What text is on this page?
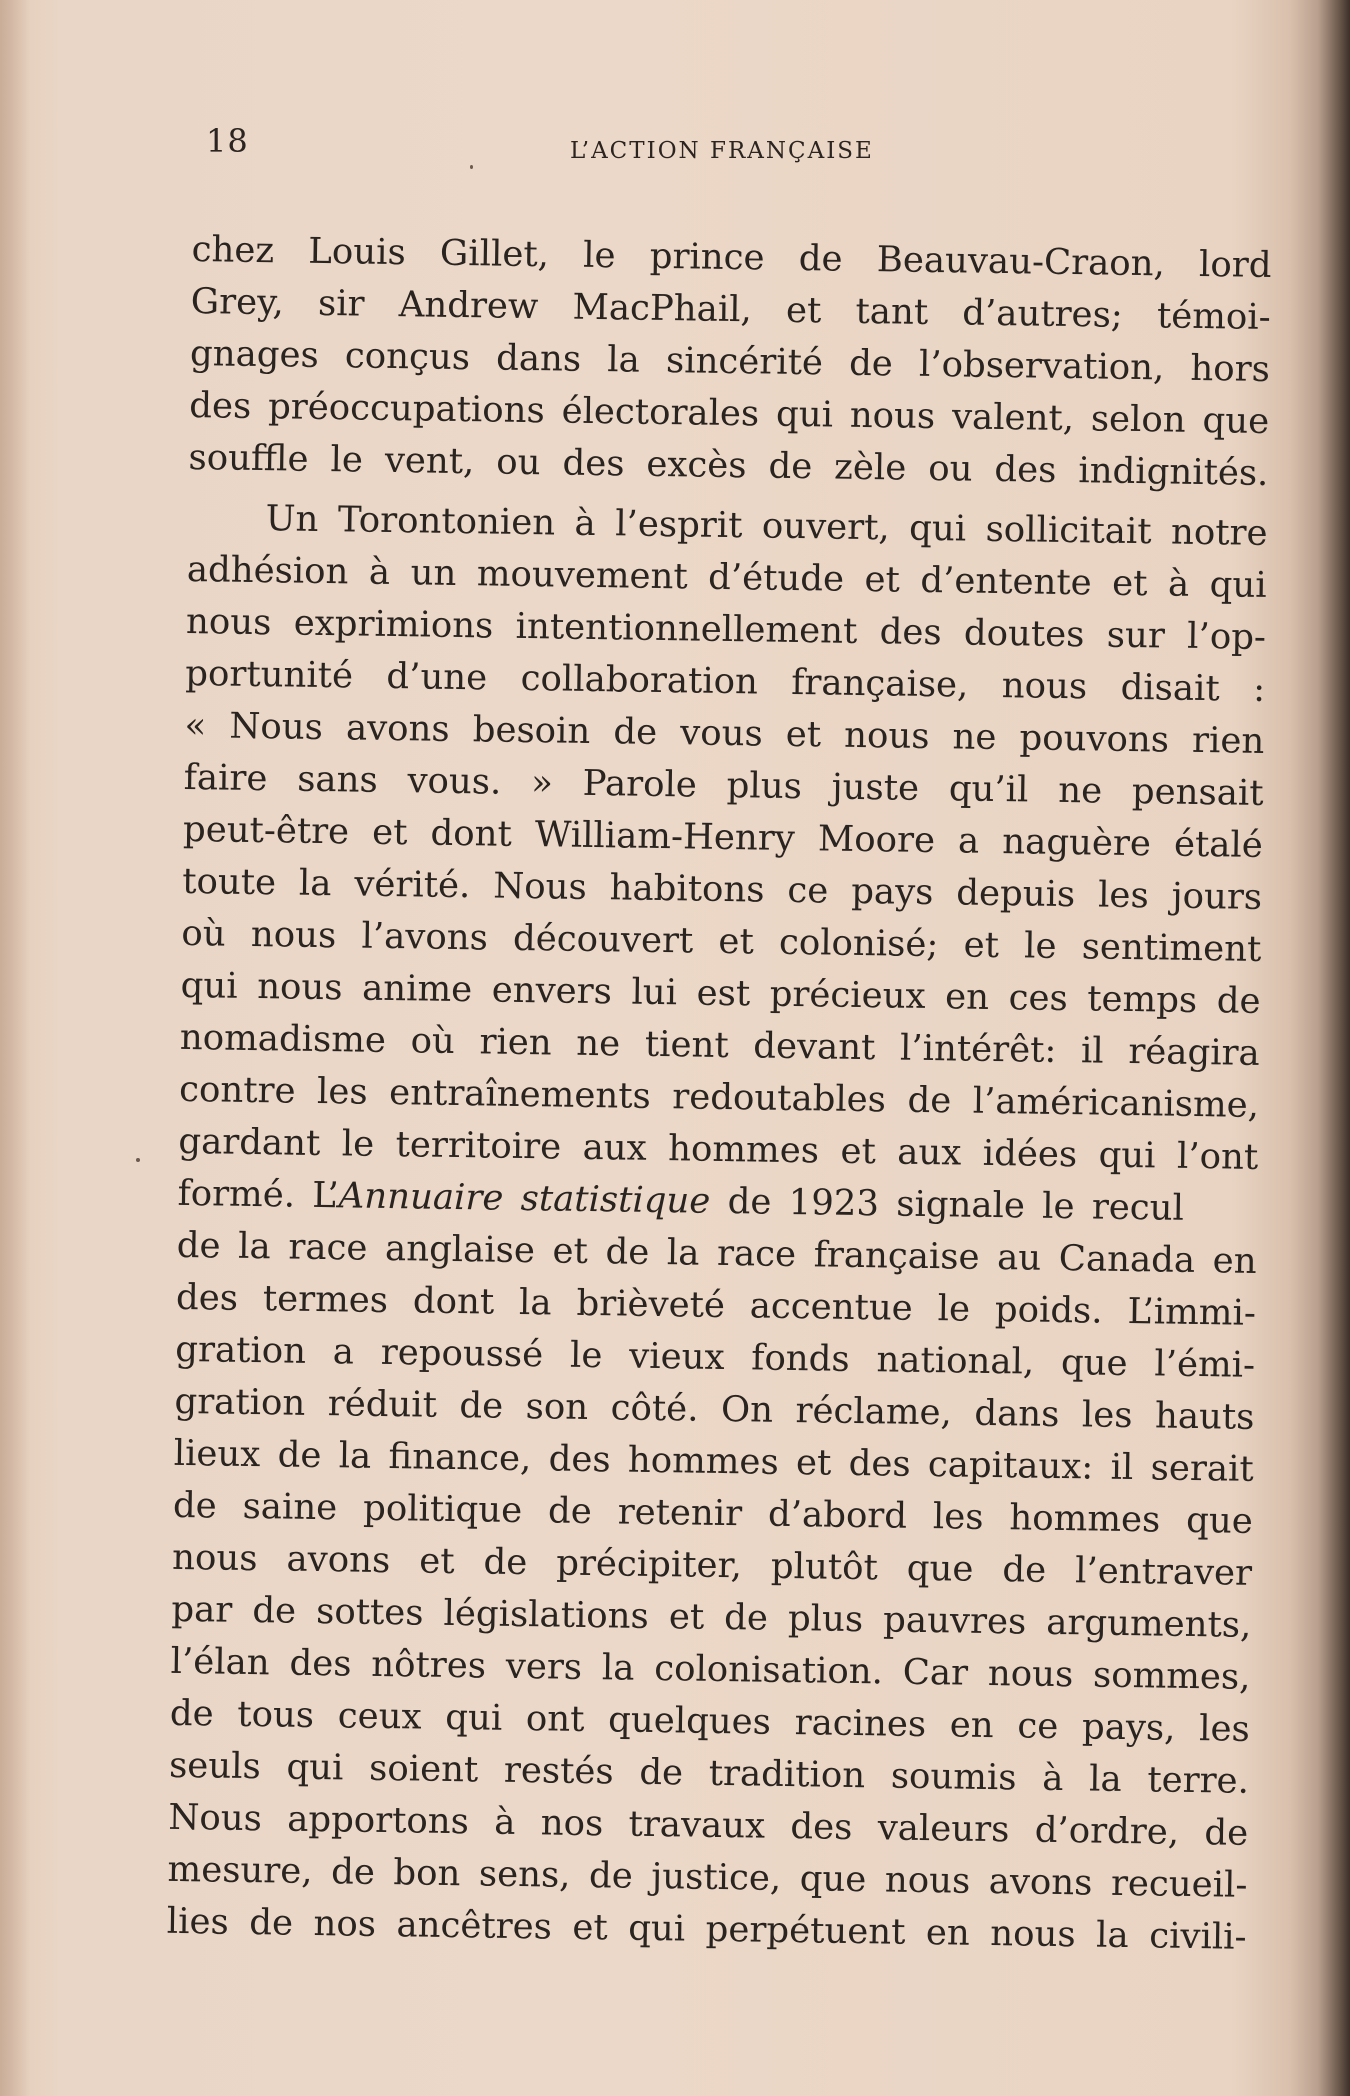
18	L’ACTION FRANÇAISE
chez Louis Gillet, le prince de Beauvau-Craon, lord
Grey, sir Andrew MacPhail, et tant d’autres; témoi-
gnages conçus dans la sincérité de l’observation, hors
des préoccupations électorales qui nous valent, selon que
souffle le vent, ou des excès de zèle ou des indignités.
Un Torontonien à l’esprit ouvert, qui sollicitait notre
adhésion à un mouvement d’étude et d’entente et à qui
nous exprimions intentionnellement des doutes sur l’op-
portunité d’une collaboration française, nous disait :
« Nous avons besoin de vous et nous ne pouvons rien
faire sans vous. » Parole plus juste qu’il ne pensait
peut-être et dont William-Henry Moore a naguère étalé
toute la vérité. Nous habitons ce pays depuis les jours
où nous l’avons découvert et colonisé; et le sentiment
qui nous anime envers lui est précieux en ces temps de
nomadisme où rien ne tient devant l’intérêt: il réagira
contre les entraînements redoutables de l’américanisme,
gardant le territoire aux hommes et aux idées qui l’ont
formé. L’ Annuaire statistique de 1923 signale le recul
de la race anglaise et de la race française au Canada en
des termes dont la brièveté accentue le poids. L’immi-
gration a repoussé le vieux fonds national, que l’émi-
gration réduit de son côté. On réclame, dans les hauts
lieux de la finance, des hommes et des capitaux: il serait
de saine politique de retenir d’abord les hommes que
nous avons et de précipiter, plutôt que de l’entraver
par de sottes législations et de plus pauvres arguments,
l’élan des nôtres vers la colonisation. Car nous sommes,
de tous ceux qui ont quelques racines en ce pays, les
seuls qui soient restés de tradition soumis à la terre.
Nous apportons à nos travaux des valeurs d’ordre, de
mesure, de bon sens, de justice, que nous avons recueil-
lies de nos ancêtres et qui perpétuent en nous la civili-
